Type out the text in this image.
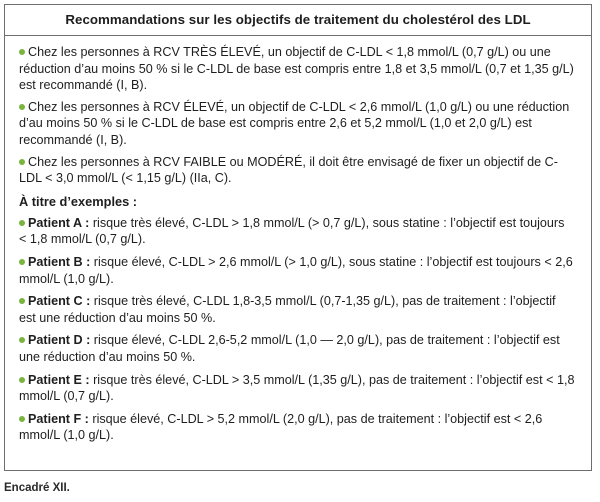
Recommandations sur les objectifs de traitement du cholestérol des LDL
Chez les personnes à RCV TRÈS ÉLEVÉ, un objectif de C-LDL < 1,8 mmol/L (0,7 g/L) ou une réduction d’au moins 50 % si le C-LDL de base est compris entre 1,8 et 3,5 mmol/L (0,7 et 1,35 g/L) est recommandé (I, B).
Chez les personnes à RCV ÉLEVÉ, un objectif de C-LDL < 2,6 mmol/L (1,0 g/L) ou une réduction d’au moins 50 % si le C-LDL de base est compris entre 2,6 et 5,2 mmol/L (1,0 et 2,0 g/L) est recommandé (I, B).
Chez les personnes à RCV FAIBLE ou MODÉRÉ, il doit être envisagé de fixer un objectif de C-LDL < 3,0 mmol/L (< 1,15 g/L) (IIa, C).
À titre d’exemples :
Patient A : risque très élevé, C-LDL > 1,8 mmol/L (> 0,7 g/L), sous statine : l’objectif est toujours < 1,8 mmol/L (0,7 g/L).
Patient B : risque élevé, C-LDL > 2,6 mmol/L (> 1,0 g/L), sous statine : l’objectif est toujours < 2,6 mmol/L (1,0 g/L).
Patient C : risque très élevé, C-LDL 1,8-3,5 mmol/L (0,7-1,35 g/L), pas de traitement : l’objectif est une réduction d’au moins 50 %.
Patient D : risque élevé, C-LDL 2,6-5,2 mmol/L (1,0 — 2,0 g/L), pas de traitement : l’objectif est une réduction d’au moins 50 %.
Patient E : risque très élevé, C-LDL > 3,5 mmol/L (1,35 g/L), pas de traitement : l’objectif est < 1,8 mmol/L (0,7 g/L).
Patient F : risque élevé, C-LDL > 5,2 mmol/L (2,0 g/L), pas de traitement : l’objectif est < 2,6 mmol/L (1,0 g/L).
Encadré XII.
